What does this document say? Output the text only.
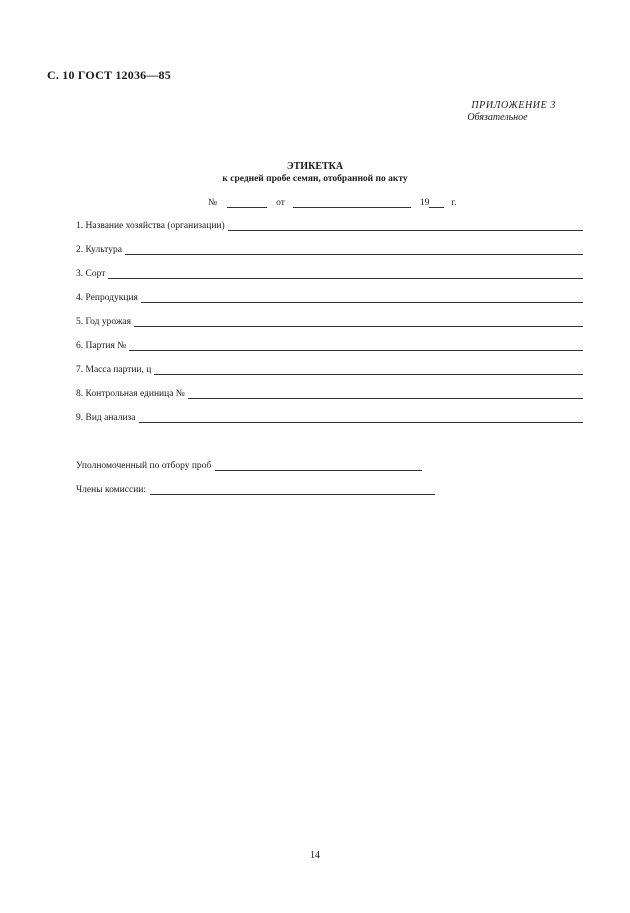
С. 10 ГОСТ 12036—85
ПРИЛОЖЕНИЕ 3
Обязательное
ЭТИКЕТКА
к средней пробе семян, отобранной по акту
№	от	19 г.
1. Название хозяйства (организации)
2. Культура
3. Сорт
4. Репродукция
5. Год урожая
6. Партия №
7. Масса партии, ц
8. Контрольная единица №
9. Вид анализа
Уполномоченный по отбору проб
Члены комиссии:
14
